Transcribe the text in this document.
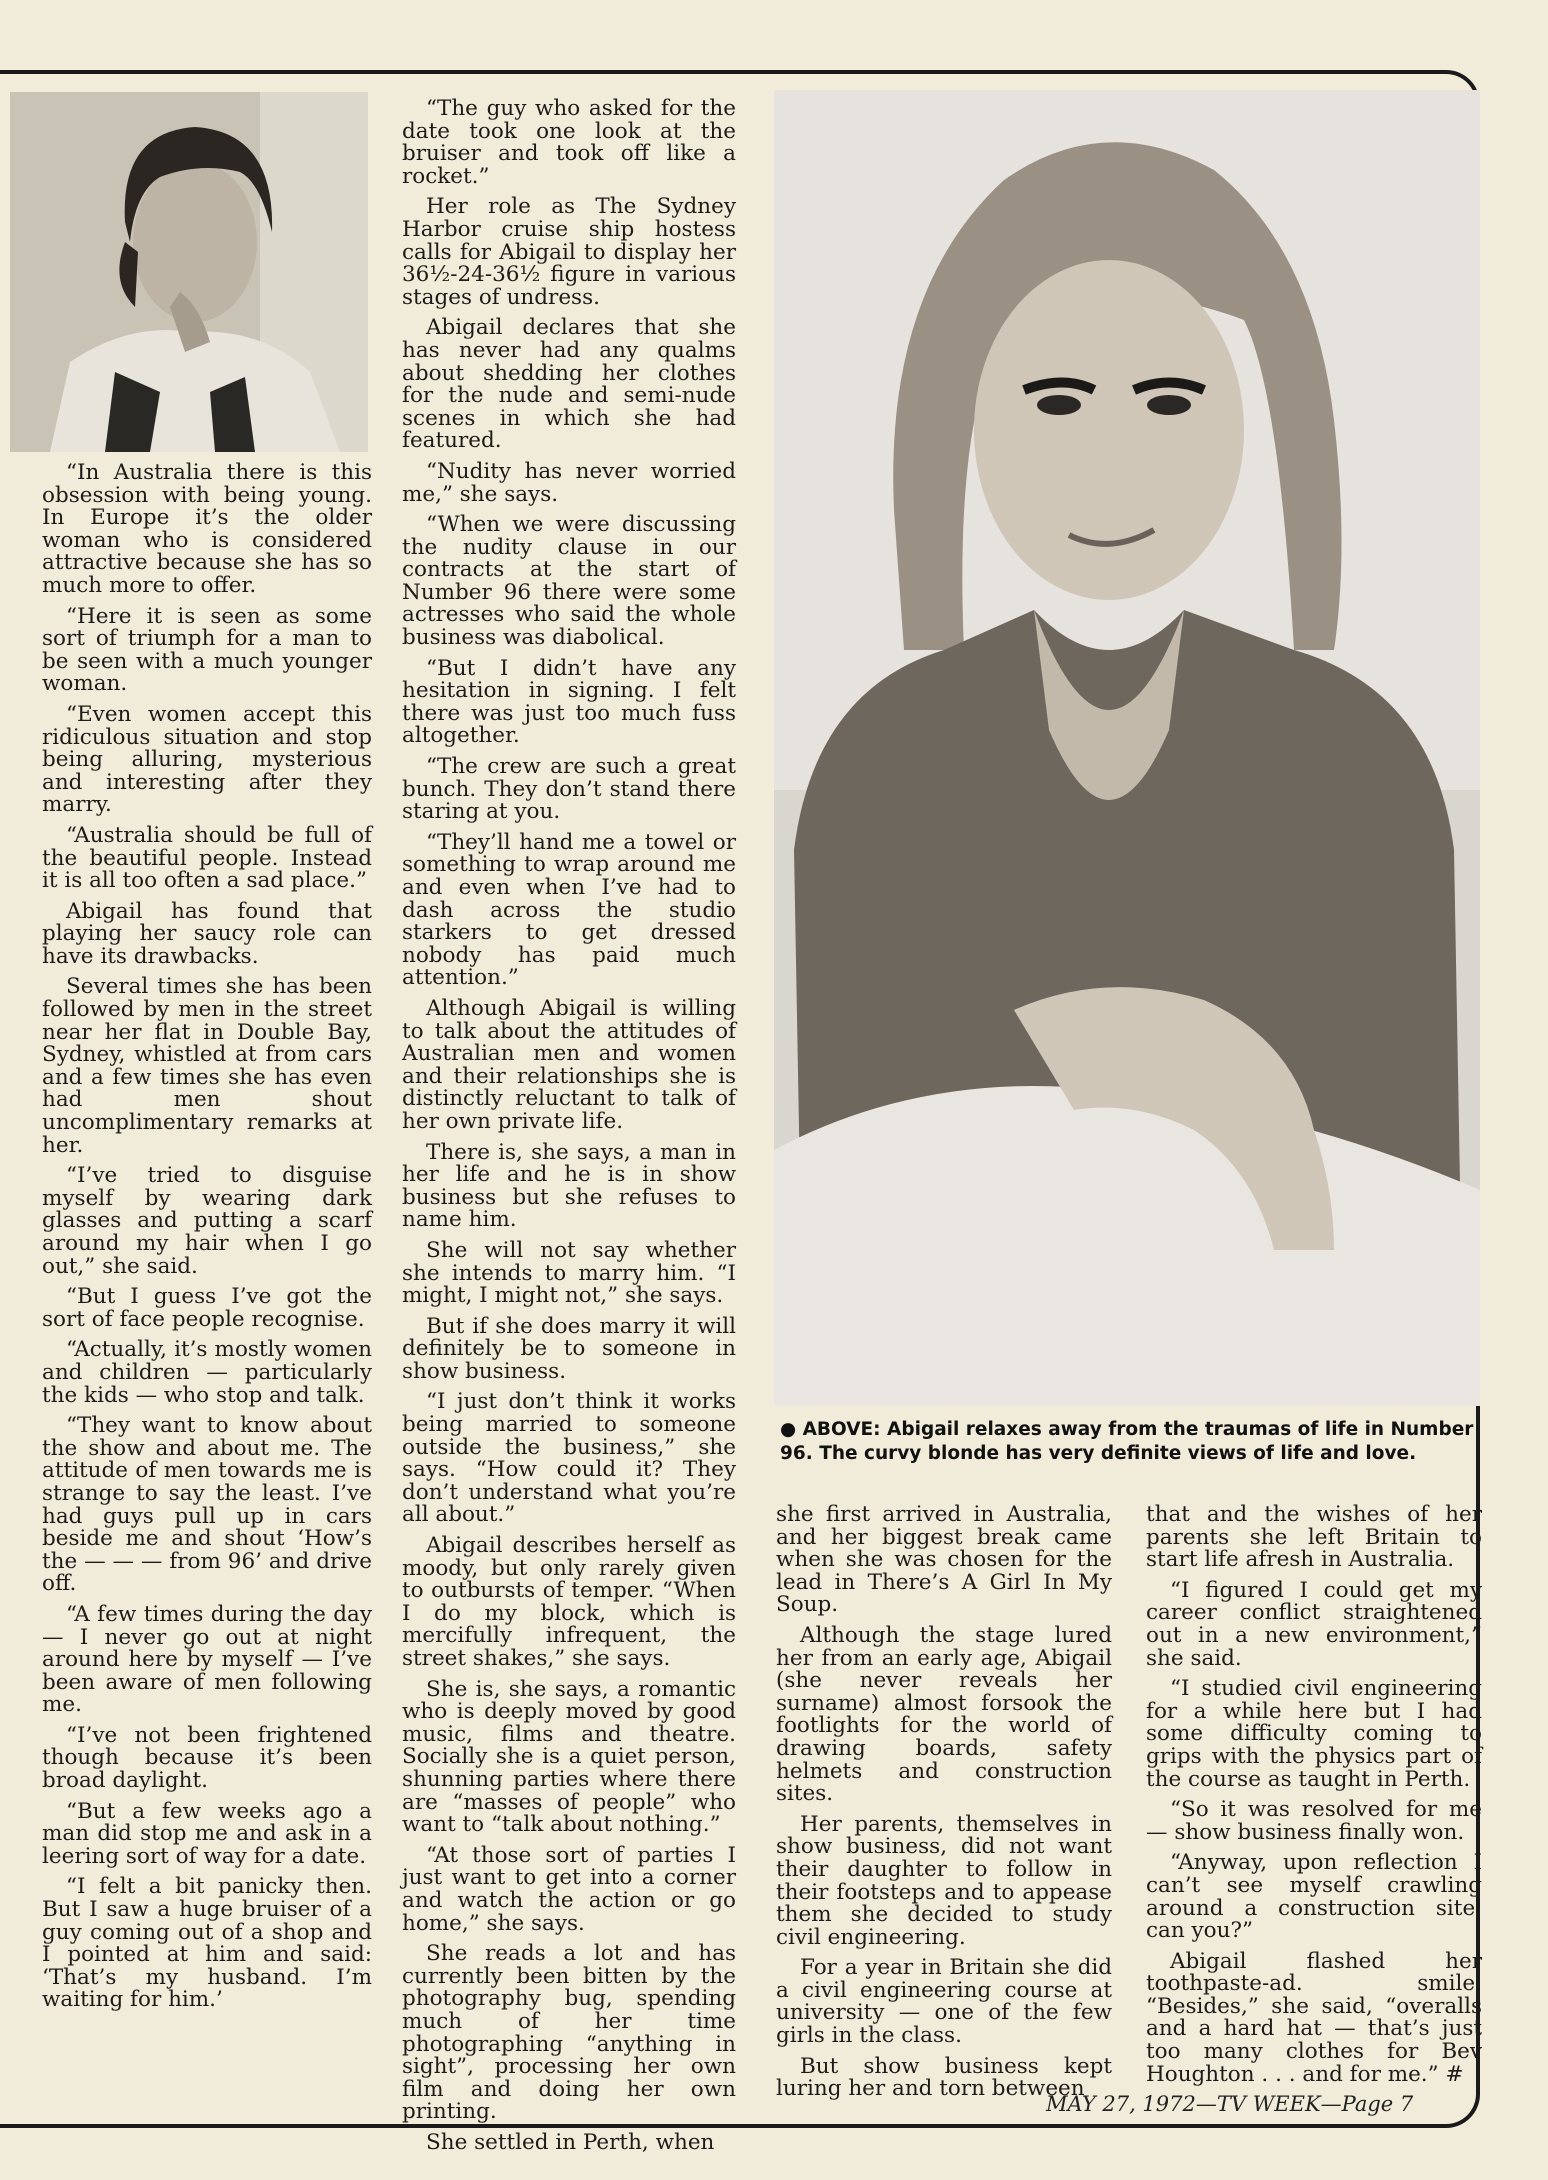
● ABOVE: Abigail relaxes away from the traumas of life in Number 96. The curvy blonde has very definite views of life and love.

“In Australia there is this obsession with being young. In Europe it’s the older woman who is considered attractive because she has so much more to offer.

“Here it is seen as some sort of triumph for a man to be seen with a much younger woman.

“Even women accept this ridiculous situation and stop being alluring, mysterious and interesting after they marry.

“Australia should be full of the beautiful people. Instead it is all too often a sad place.”

Abigail has found that playing her saucy role can have its drawbacks.

Several times she has been followed by men in the street near her flat in Double Bay, Sydney, whistled at from cars and a few times she has even had men shout uncomplimentary remarks at her.

“I’ve tried to disguise myself by wearing dark glasses and putting a scarf around my hair when I go out,” she said.

“But I guess I’ve got the sort of face people recognise.

“Actually, it’s mostly women and children — particularly the kids — who stop and talk.

“They want to know about the show and about me. The attitude of men towards me is strange to say the least. I’ve had guys pull up in cars beside me and shout ‘How’s the — — — from 96’ and drive off.

“A few times during the day — I never go out at night around here by myself — I’ve been aware of men following me.

“I’ve not been frightened though because it’s been broad daylight.

“But a few weeks ago a man did stop me and ask in a leering sort of way for a date.

“I felt a bit panicky then. But I saw a huge bruiser of a guy coming out of a shop and I pointed at him and said: ‘That’s my husband. I’m waiting for him.’

“The guy who asked for the date took one look at the bruiser and took off like a rocket.”

Her role as The Sydney Harbor cruise ship hostess calls for Abigail to display her 36½-24-36½ figure in various stages of undress.

Abigail declares that she has never had any qualms about shedding her clothes for the nude and semi-nude scenes in which she had featured.

“Nudity has never worried me,” she says.

“When we were discussing the nudity clause in our contracts at the start of Number 96 there were some actresses who said the whole business was diabolical.

“But I didn’t have any hesitation in signing. I felt there was just too much fuss altogether.

“The crew are such a great bunch. They don’t stand there staring at you.

“They’ll hand me a towel or something to wrap around me and even when I’ve had to dash across the studio starkers to get dressed nobody has paid much attention.”

Although Abigail is willing to talk about the attitudes of Australian men and women and their relationships she is distinctly reluctant to talk of her own private life.

There is, she says, a man in her life and he is in show business but she refuses to name him.

She will not say whether she intends to marry him. “I might, I might not,” she says.

But if she does marry it will definitely be to someone in show business.

“I just don’t think it works being married to someone outside the business,” she says. “How could it? They don’t understand what you’re all about.”

Abigail describes herself as moody, but only rarely given to outbursts of temper. “When I do my block, which is mercifully infrequent, the street shakes,” she says.

She is, she says, a romantic who is deeply moved by good music, films and theatre. Socially she is a quiet person, shunning parties where there are “masses of people” who want to “talk about nothing.”

“At those sort of parties I just want to get into a corner and watch the action or go home,” she says.

She reads a lot and has currently been bitten by the photography bug, spending much of her time photographing “anything in sight”, processing her own film and doing her own printing.

She settled in Perth, when

she first arrived in Australia, and her biggest break came when she was chosen for the lead in There’s A Girl In My Soup.

Although the stage lured her from an early age, Abigail (she never reveals her surname) almost forsook the footlights for the world of drawing boards, safety helmets and construction sites.

Her parents, themselves in show business, did not want their daughter to follow in their footsteps and to appease them she decided to study civil engineering.

For a year in Britain she did a civil engineering course at university — one of the few girls in the class.

But show business kept luring her and torn between

that and the wishes of her parents she left Britain to start life afresh in Australia.

“I figured I could get my career conflict straightened out in a new environment,” she said.

“I studied civil engineering for a while here but I had some difficulty coming to grips with the physics part of the course as taught in Perth.

“So it was resolved for me — show business finally won.

“Anyway, upon reflection I can’t see myself crawling around a construction site, can you?”

Abigail flashed her toothpaste-ad. smile. “Besides,” she said, “overalls and a hard hat — that’s just too many clothes for Bev Houghton . . . and for me.” #

MAY 27, 1972—TV WEEK—Page 7
